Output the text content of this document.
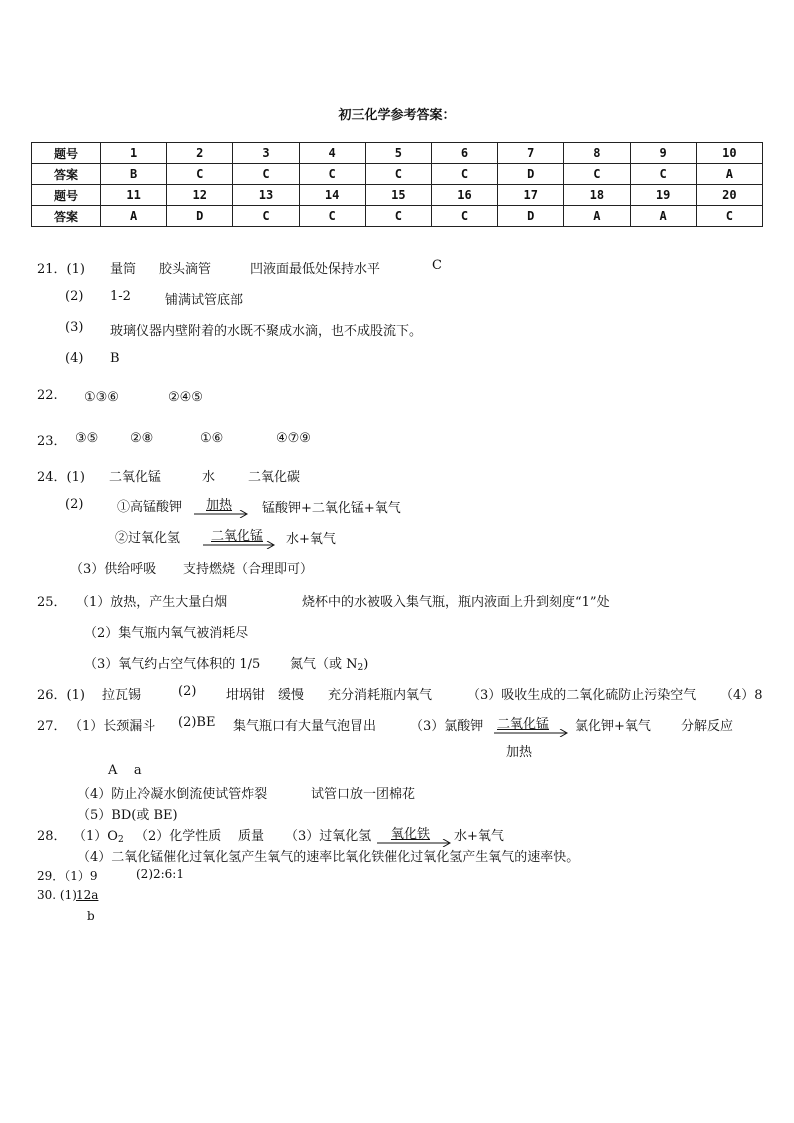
初三化学参考答案：
题号	1	2	3	4	5	6	7	8	9	10
答案	B	C	C	C	C	C	D	C	C	A
题号	11	12	13	14	15	16	17	18	19	20
答案	A	D	C	C	C	C	D	A	A	C
21．(1) 量筒 胶头滴管	凹液面最低处保持水平	C
(2) 1-2	铺满试管底部
(3) 玻璃仪器内壁附着的水既不聚成水滴，也不成股流下。
(4) B
22. ①③⑥	②④⑤
23． ③⑤ ②⑧	①⑥	④⑦⑨
24．(1) 二氧化锰	水	二氧化碳
(2)	①高锰酸钾 加热 锰酸钾+二氧化锰+氧气
②过氧化氢 二氧化锰 水+氧气
（3）供给呼吸 支持燃烧（合理即可）
25． （1）放热，产生大量白烟	烧杯中的水被吸入集气瓶，瓶内液面上升到刻度“1”处
（2）集气瓶内氧气被消耗尽
（3）氧气约占空气体积的 1/5 氮气（或 $N_2$)
26．(1) 拉瓦锡	(2) 坩埚钳 缓慢 充分消耗瓶内氧气	（3）吸收生成的二氧化硫防止污染空气 （4）8
27． （1）长颈漏斗 (2)BE 集气瓶口有大量气泡冒出	（3）氯酸钾 二氧化锰 氯化钾+氧气 分解反应
加热
A    a
（4）防止冷凝水倒流使试管炸裂	试管口放一团棉花
（5）BD(或 BE)
28． $(1)O_2$ （2）化学性质 质量 （3）过氧化氢 氧化铁 水+氧气
（4）二氧化锰催化过氧化氢产生氧气的速率比氧化铁催化过氧化氢产生氧气的速率快。
29．（1）9	(2)2:6:1
30. (1) 12a
b
